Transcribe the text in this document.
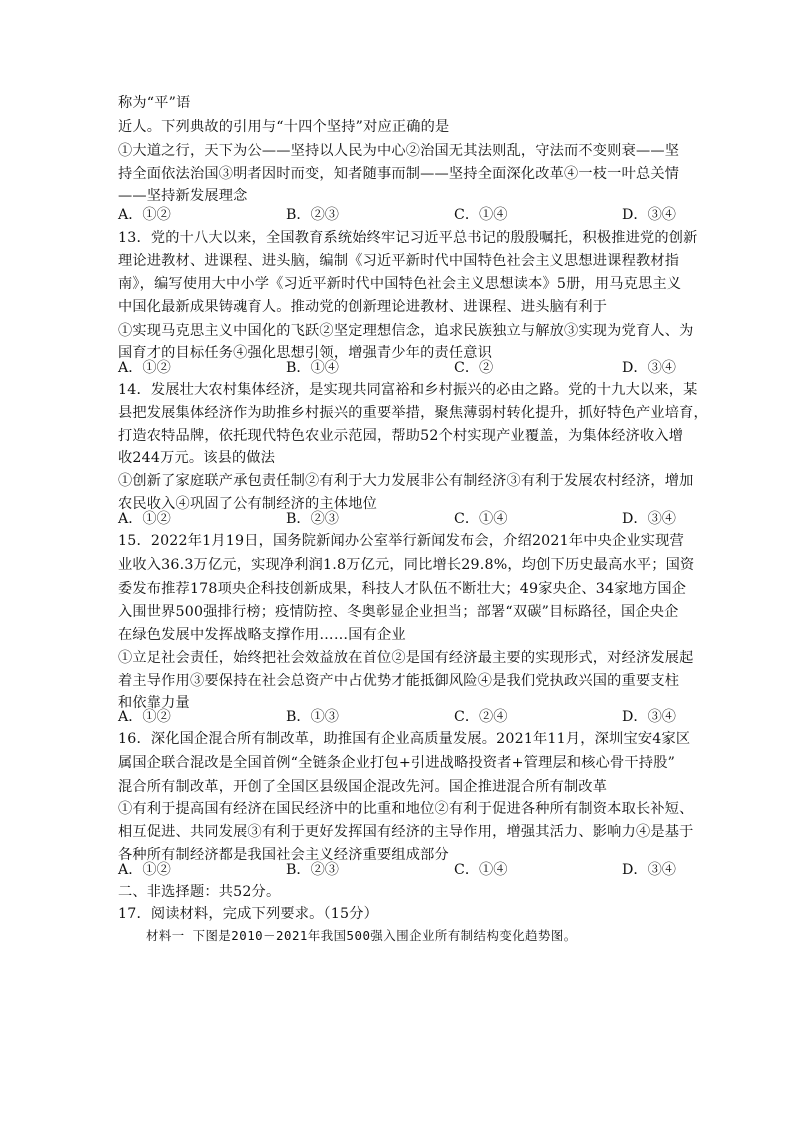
称为“平”语
近人。下列典故的引用与“十四个坚持”对应正确的是
①大道之行，天下为公——坚持以人民为中心②治国无其法则乱，守法而不变则衰——坚
持全面依法治国③明者因时而变，知者随事而制——坚持全面深化改革④一枝一叶总关情
——坚持新发展理念
A．①②	B．②③	C．①④	D．③④
13．党的十八大以来，全国教育系统始终牢记习近平总书记的殷殷嘱托，积极推进党的创新
理论进教材、进课程、进头脑，编制《习近平新时代中国特色社会主义思想进课程教材指
南》，编写使用大中小学《习近平新时代中国特色社会主义思想读本》5册，用马克思主义
中国化最新成果铸魂育人。推动党的创新理论进教材、进课程、进头脑有利于
①实现马克思主义中国化的飞跃②坚定理想信念，追求民族独立与解放③实现为党育人、为
国育才的目标任务④强化思想引领，增强青少年的责任意识
A．①②	B．①④	C．②	D．③④
14．发展壮大农村集体经济，是实现共同富裕和乡村振兴的必由之路。党的十九大以来，某
县把发展集体经济作为助推乡村振兴的重要举措，聚焦薄弱村转化提升，抓好特色产业培育，
打造农特品牌，依托现代特色农业示范园，帮助52个村实现产业覆盖，为集体经济收入增
收244万元。该县的做法
①创新了家庭联产承包责任制②有利于大力发展非公有制经济③有利于发展农村经济，增加
农民收入④巩固了公有制经济的主体地位
A．①②	B．②③	C．①④	D．③④
15．2022年1月19日，国务院新闻办公室举行新闻发布会，介绍2021年中央企业实现营
业收入36.3万亿元，实现净利润1.8万亿元，同比增长29.8%，均创下历史最高水平；国资
委发布推荐178项央企科技创新成果，科技人才队伍不断壮大；49家央企、34家地方国企
入围世界500强排行榜；疫情防控、冬奥彰显企业担当；部署“双碳”目标路径，国企央企
在绿色发展中发挥战略支撑作用……国有企业
①立足社会责任，始终把社会效益放在首位②是国有经济最主要的实现形式，对经济发展起
着主导作用③要保持在社会总资产中占优势才能抵御风险④是我们党执政兴国的重要支柱
和依靠力量
A．①②	B．①③	C．②④	D．③④
16．深化国企混合所有制改革，助推国有企业高质量发展。2021年11月，深圳宝安4家区
属国企联合混改是全国首例“全链条企业打包+引进战略投资者+管理层和核心骨干持股”
混合所有制改革，开创了全国区县级国企混改先河。国企推进混合所有制改革
①有利于提高国有经济在国民经济中的比重和地位②有利于促进各种所有制资本取长补短、
相互促进、共同发展③有利于更好发挥国有经济的主导作用，增强其活力、影响力④是基于
各种所有制经济都是我国社会主义经济重要组成部分
A．①②	B．②③	C．①④	D．③④
二、非选择题：共52分。
17．阅读材料，完成下列要求。（15分）
材料一 下图是2010－2021年我国500强入围企业所有制结构变化趋势图。
